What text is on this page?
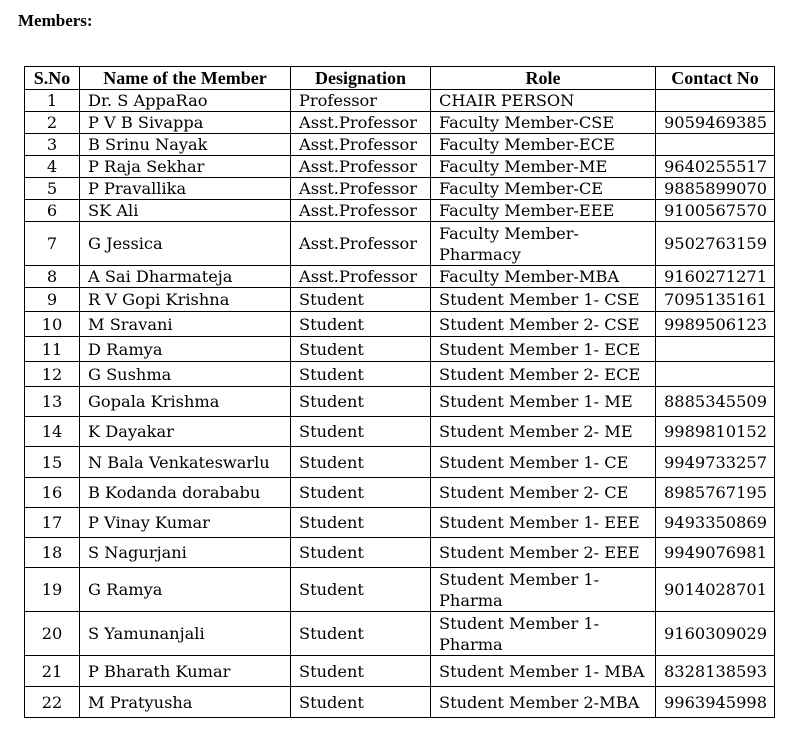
Members:
S.No	Name of the Member	Designation	Role	Contact No
1	Dr. S AppaRao	Professor	CHAIR PERSON	
2	P V B Sivappa	Asst.Professor	Faculty Member-CSE	9059469385
3	B Srinu Nayak	Asst.Professor	Faculty Member-ECE	
4	P Raja Sekhar	Asst.Professor	Faculty Member-ME	9640255517
5	P Pravallika	Asst.Professor	Faculty Member-CE	9885899070
6	SK Ali	Asst.Professor	Faculty Member-EEE	9100567570
7	G Jessica	Asst.Professor	Faculty Member-Pharmacy	9502763159
8	A Sai Dharmateja	Asst.Professor	Faculty Member-MBA	9160271271
9	R V Gopi Krishna	Student	Student Member 1- CSE	7095135161
10	M Sravani	Student	Student Member 2- CSE	9989506123
11	D Ramya	Student	Student Member 1- ECE	
12	G Sushma	Student	Student Member 2- ECE	
13	Gopala Krishma	Student	Student Member 1- ME	8885345509
14	K Dayakar	Student	Student Member 2- ME	9989810152
15	N Bala Venkateswarlu	Student	Student Member 1- CE	9949733257
16	B Kodanda dorababu	Student	Student Member 2- CE	8985767195
17	P Vinay Kumar	Student	Student Member 1- EEE	9493350869
18	S Nagurjani	Student	Student Member 2- EEE	9949076981
19	G Ramya	Student	Student Member 1- Pharma	9014028701
20	S Yamunanjali	Student	Student Member 1- Pharma	9160309029
21	P Bharath Kumar	Student	Student Member 1- MBA	8328138593
22	M Pratyusha	Student	Student Member 2-MBA	9963945998
